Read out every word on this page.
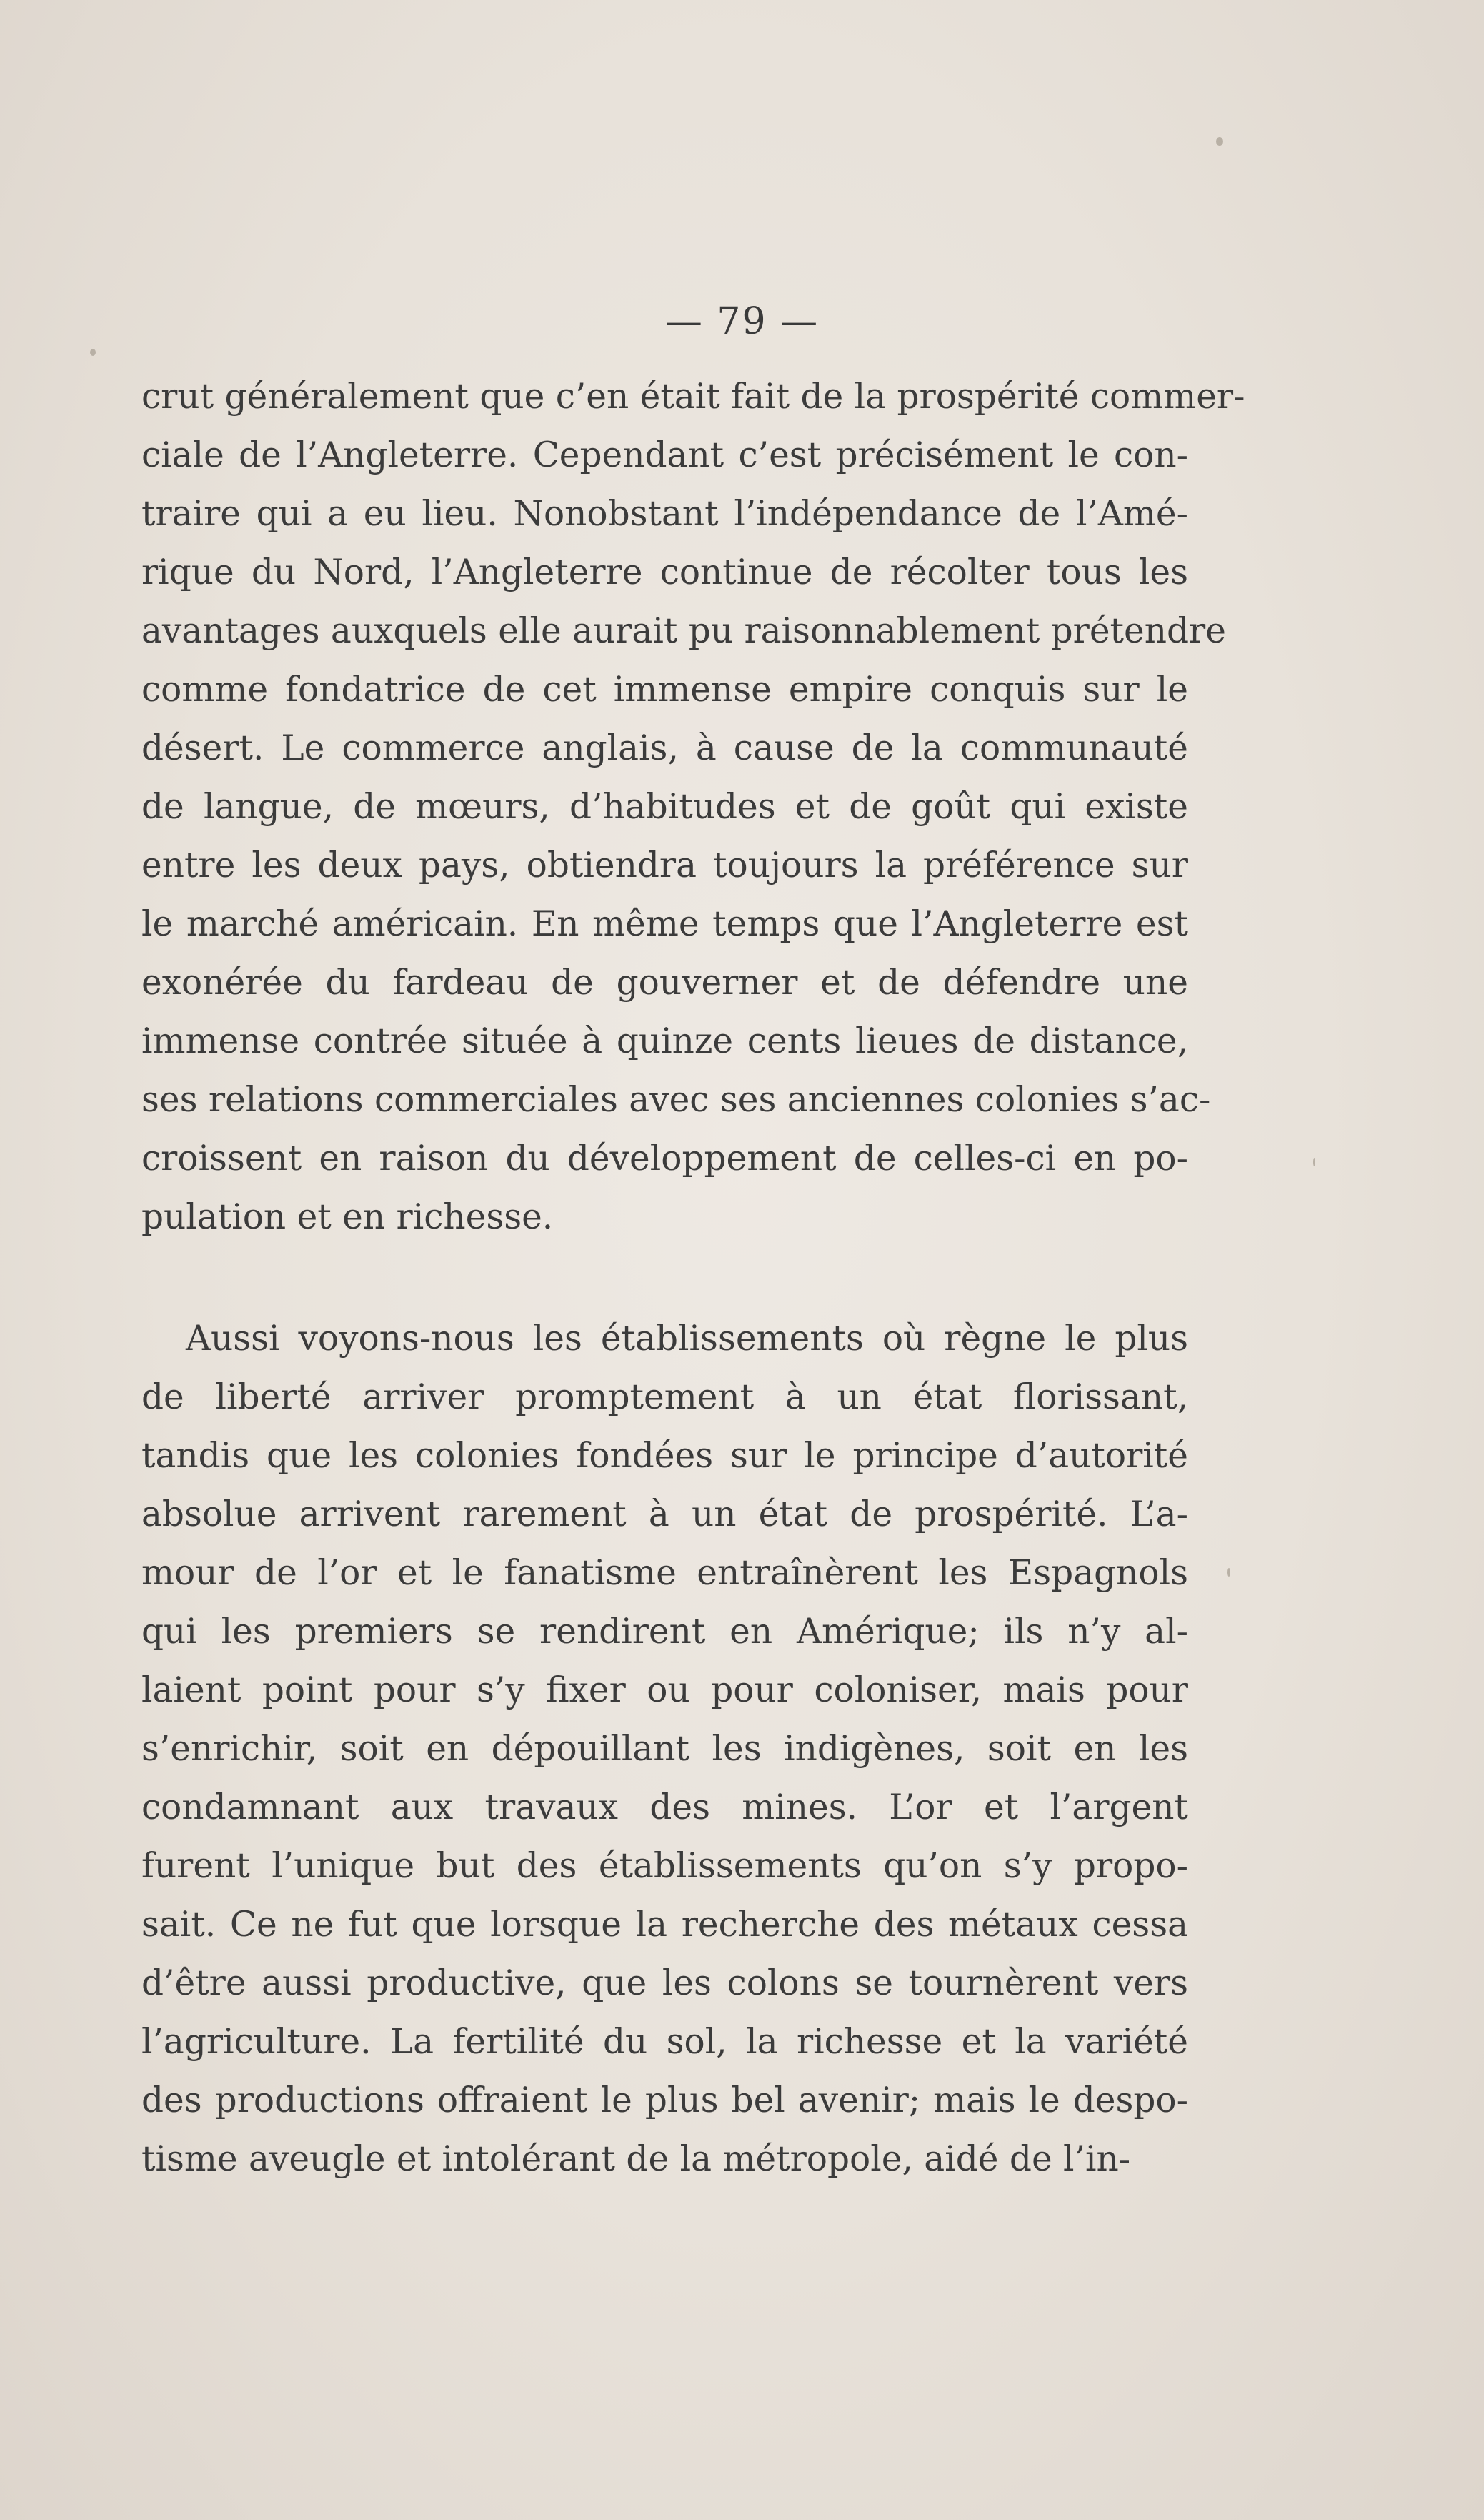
— 79 —
crut généralement que c’en était fait de la prospérité commer-
ciale de l’Angleterre. Cependant c’est précisément le con-
traire qui a eu lieu. Nonobstant l’indépendance de l’Amé-
rique du Nord, l’Angleterre continue de récolter tous les
avantages auxquels elle aurait pu raisonnablement prétendre
comme fondatrice de cet immense empire conquis sur le
désert. Le commerce anglais, à cause de la communauté
de langue, de mœurs, d’habitudes et de goût qui existe
entre les deux pays, obtiendra toujours la préférence sur
le marché américain. En même temps que l’Angleterre est
exonérée du fardeau de gouverner et de défendre une
immense contrée située à quinze cents lieues de distance,
ses relations commerciales avec ses anciennes colonies s’ac-
croissent en raison du développement de celles-ci en po-
pulation et en richesse.
Aussi voyons-nous les établissements où règne le plus
de liberté arriver promptement à un état florissant,
tandis que les colonies fondées sur le principe d’autorité
absolue arrivent rarement à un état de prospérité. L’a-
mour de l’or et le fanatisme entraînèrent les Espagnols
qui les premiers se rendirent en Amérique; ils n’y al-
laient point pour s’y fixer ou pour coloniser, mais pour
s’enrichir, soit en dépouillant les indigènes, soit en les
condamnant aux travaux des mines. L’or et l’argent
furent l’unique but des établissements qu’on s’y propo-
sait. Ce ne fut que lorsque la recherche des métaux cessa
d’être aussi productive, que les colons se tournèrent vers
l’agriculture. La fertilité du sol, la richesse et la variété
des productions offraient le plus bel avenir; mais le despo-
tisme aveugle et intolérant de la métropole, aidé de l’in-
